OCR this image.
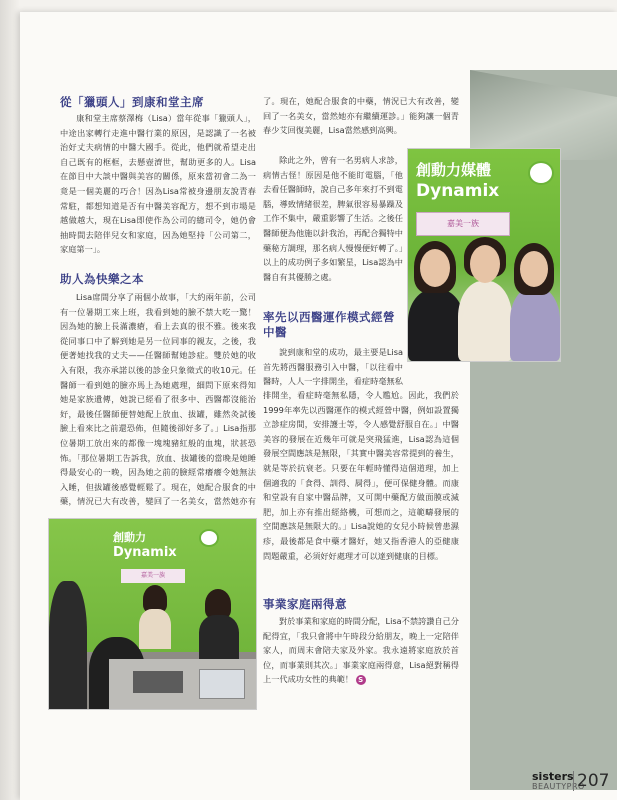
從「獵頭人」到康和堂主席

康和堂主席蔡澤梅（Lisa）當年從事「獵頭人」，中途出家轉行走進中醫行業的原因，是認識了一名被治好丈夫病情的中醫大國手。從此，他們就希望走出自己既有的框框，去懸壺濟世，幫助更多的人。Lisa在節目中大談中醫與美容的關係，原來當初會二為一竟是一個美麗的巧合！因為Lisa常被身邊朋友說青春常駐，都想知道是否有中醫美容配方，想不到市場是越做越大，現在Lisa即使作為公司的總司令，她仍會抽時間去陪伴兒女和家庭，因為她堅持「公司第二，家庭第一」。

助人為快樂之本

Lisa席間分享了兩個小故事，「大約兩年前，公司有一位暑期工來上班，我看到她的臉不禁大吃一驚！因為她的臉上長滿濃瘡，看上去真的很不雅。後來我從同事口中了解到她是另一位同事的親友，之後，我便著她找我的丈夫——任醫師幫她診症。雙於她的收入有限，我亦承諾以後的診金只象徵式的收10元。任醫師一看到她的臉亦馬上為她處理，細問下原來得知她是家族遺傳，她說已經看了很多中、西醫都沒能治好，最後任醫師便替她配上放血、拔罐，雖然灸試後臉上看來比之前還恐佈，但隨後卻好多了。」Lisa指那位暑期工放出來的都像一塊塊豬紅般的血塊，狀甚恐怖。「那位暑期工告訴我，放血、拔罐後的當晚是她睡得最安心的一晚，因為她之前的臉經常癢癢令她無法入睡，但拔罐後感覺輕鬆了。現在，她配合服食的中藥，情況已大有改善，變回了一名美女，當然她亦有

了。現在，她配合服食的中藥，情況已大有改善，變回了一名美女，當然她亦有繼續運診。」能夠讓一個青春少艾回復美麗，Lisa當然感到高興。

除此之外，曾有一名男病人求診，病情古怪！原因是他不能盯電腦，「他去看任醫師時，說自己多年來打不到電腦，導致情緒很差，脾氣很容易暴躁及工作不集中，嚴重影響了生活。之後任醫師便為他施以針我治，再配合獨特中藥秘方調理，那名病人慢慢便好轉了。」以上的成功例子多如繁星，Lisa認為中醫自有其優勝之處。

率先以西醫運作模式經營中醫

說到康和堂的成功，最主要是Lisa首先將西醫服務引入中醫，「以往看中醫時，人人一字排開坐，看症時毫無私

排開坐，看症時毫無私隱，令人尷尬。因此，我們於1999年率先以西醫運作的模式經營中醫，例如設置獨立診症房間，安排護士等，令人感覺舒服自在。」中醫美容的發展在近幾年可就是突飛猛進，Lisa認為這個發展空間應該是無限，「其實中醫美容常提到的養生，就是等於抗衰老。只要在年輕時懂得這個道理，加上個適我的「食得、訓得、屙得」，便可保健身體。而康和堂設有自家中醫品牌，又可開中藥配方做面膜或減肥，加上亦有推出經絡機，可想而之，這範疇發展的空間應該是無限大的。」Lisa說她的女兒小時候曾患濕疹，最後都是食中藥才醫好，她又指香港人的亞健康問題嚴重，必須好好處理才可以達到健康的目標。

事業家庭兩得意

對於事業和家庭的時間分配，Lisa不禁誇讚自己分配得宜，「我只會將中午時段分給朋友，晚上一定陪伴家人，而周末會陪夫家及外家。我永遠將家庭放於首位，而事業則其次。」事業家庭兩得意，Lisa絕對稱得上一代成功女性的典範！ S

創動力媒體
Dynamix
嘉美一族
創動力
Dynamix
嘉美一族
sisters
BEAUTYPRO
207
